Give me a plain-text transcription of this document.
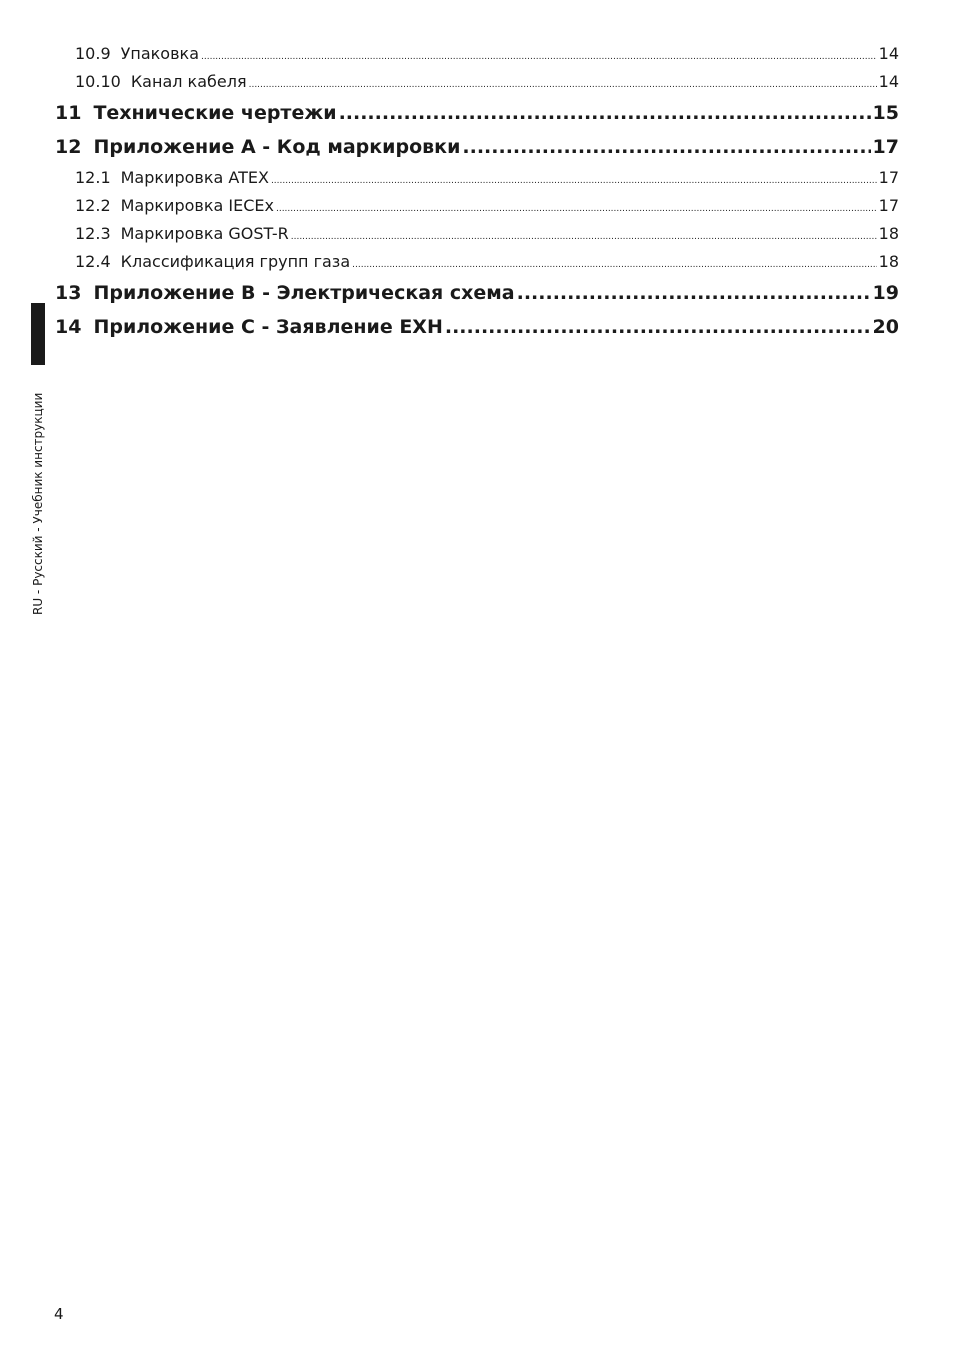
10.9 Упаковка .....	14
10.10 Канал кабеля .....	14
11 Технические чертежи .....	15
12 Приложение А - Код маркировки .....	17
12.1 Маркировка ATEX .....	17
12.2 Маркировка IECEx .....	17
12.3 Маркировка GOST-R .....	18
12.4 Классификация групп газа .....	18
13 Приложение B - Электрическая схема .....	19
14 Приложение C - Заявление EXH .....	20
RU - Русский - Учебник инструкции
4
